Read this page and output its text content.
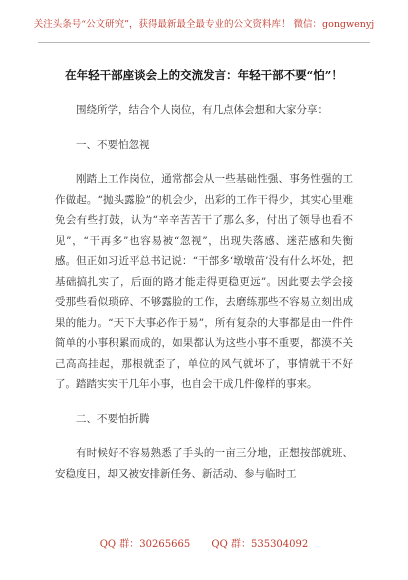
关注头条号“公文研究”，获得最新最全最专业的公文资料库！ 微信：gongwenyj
在年轻干部座谈会上的交流发言：年轻干部不要“怕”！

围绕所学，结合个人岗位，有几点体会想和大家分享：

一、不要怕忽视

刚踏上工作岗位，通常都会从一些基础性强、事务性强的工作做起。“抛头露脸”的机会少，出彩的工作干得少，其实心里难免会有些打鼓，认为“辛辛苦苦干了那么多，付出了领导也看不见”，“干再多”也容易被“忽视”，出现失落感、迷茫感和失衡感。但正如习近平总书记说：“干部多‘墩墩苗’没有什么坏处，把基础搞扎实了，后面的路才能走得更稳更远”。因此要去学会接受那些看似琐碎、不够露脸的工作，去磨练那些不容易立刻出成果的能力。“天下大事必作于易”，所有复杂的大事都是由一件件简单的小事积累而成的，如果都认为这些小事不重要，都漠不关己高高挂起，那根就歪了，单位的风气就坏了，事情就干不好了。踏踏实实干几年小事，也自会干成几件像样的事来。

二、不要怕折腾

有时候好不容易熟悉了手头的一亩三分地，正想按部就班、安稳度日，却又被安排新任务、新活动、参与临时工

QQ 群：30265665 QQ 群：535304092
